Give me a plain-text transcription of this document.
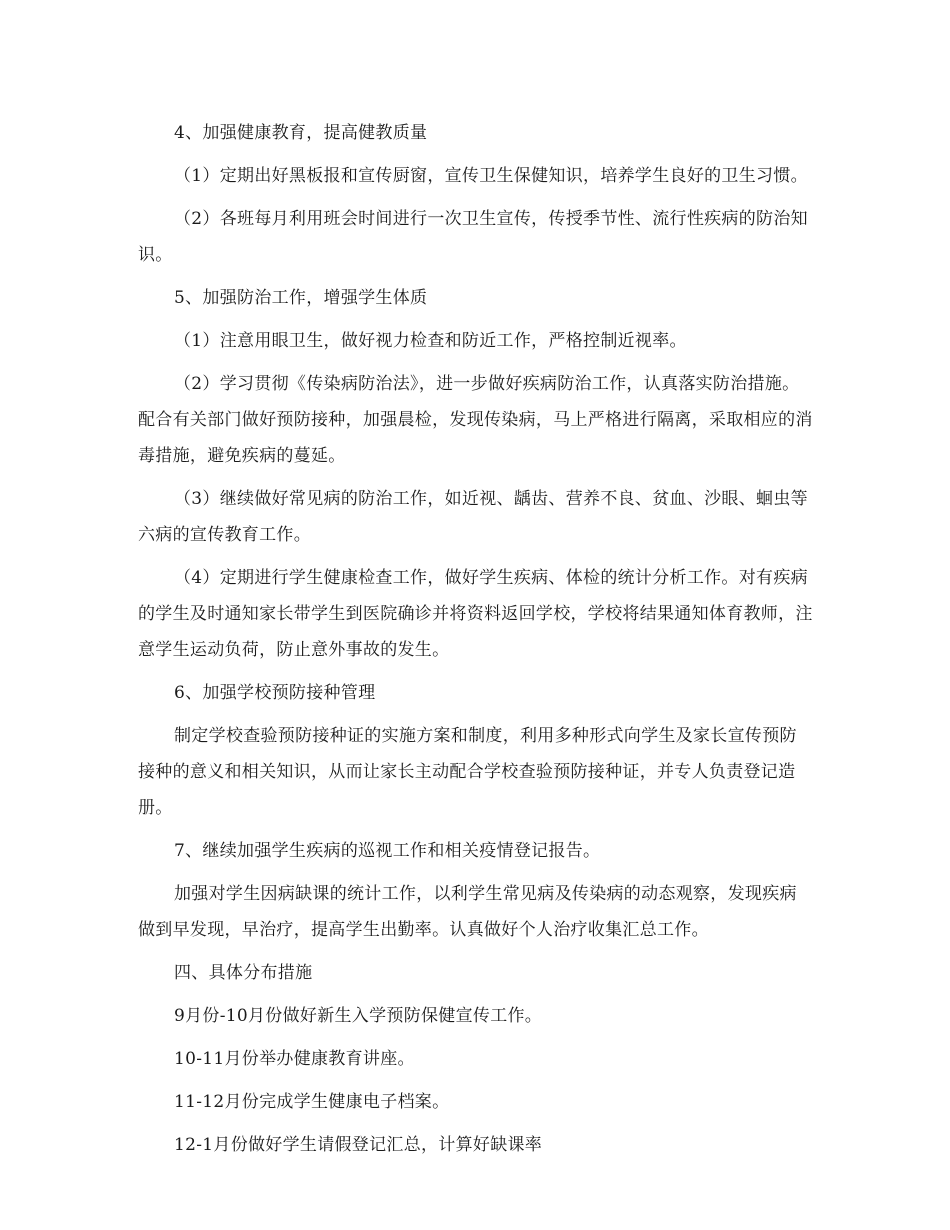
4、加强健康教育，提高健教质量

（1）定期出好黑板报和宣传厨窗，宣传卫生保健知识，培养学生良好的卫生习惯。

（2）各班每月利用班会时间进行一次卫生宣传，传授季节性、流行性疾病的防治知识。

5、加强防治工作，增强学生体质

（1）注意用眼卫生，做好视力检查和防近工作，严格控制近视率。

（2）学习贯彻《传染病防治法》，进一步做好疾病防治工作，认真落实防治措施。配合有关部门做好预防接种，加强晨检，发现传染病，马上严格进行隔离，采取相应的消毒措施，避免疾病的蔓延。

（3）继续做好常见病的防治工作，如近视、龋齿、营养不良、贫血、沙眼、蛔虫等六病的宣传教育工作。

（4）定期进行学生健康检查工作，做好学生疾病、体检的统计分析工作。对有疾病的学生及时通知家长带学生到医院确诊并将资料返回学校，学校将结果通知体育教师，注意学生运动负荷，防止意外事故的发生。

6、加强学校预防接种管理

制定学校查验预防接种证的实施方案和制度，利用多种形式向学生及家长宣传预防接种的意义和相关知识，从而让家长主动配合学校查验预防接种证，并专人负责登记造册。

7、继续加强学生疾病的巡视工作和相关疫情登记报告。

加强对学生因病缺课的统计工作，以利学生常见病及传染病的动态观察，发现疾病做到早发现，早治疗，提高学生出勤率。认真做好个人治疗收集汇总工作。

四、具体分布措施

9月份-10月份做好新生入学预防保健宣传工作。

10-11月份举办健康教育讲座。

11-12月份完成学生健康电子档案。

12-1月份做好学生请假登记汇总，计算好缺课率
